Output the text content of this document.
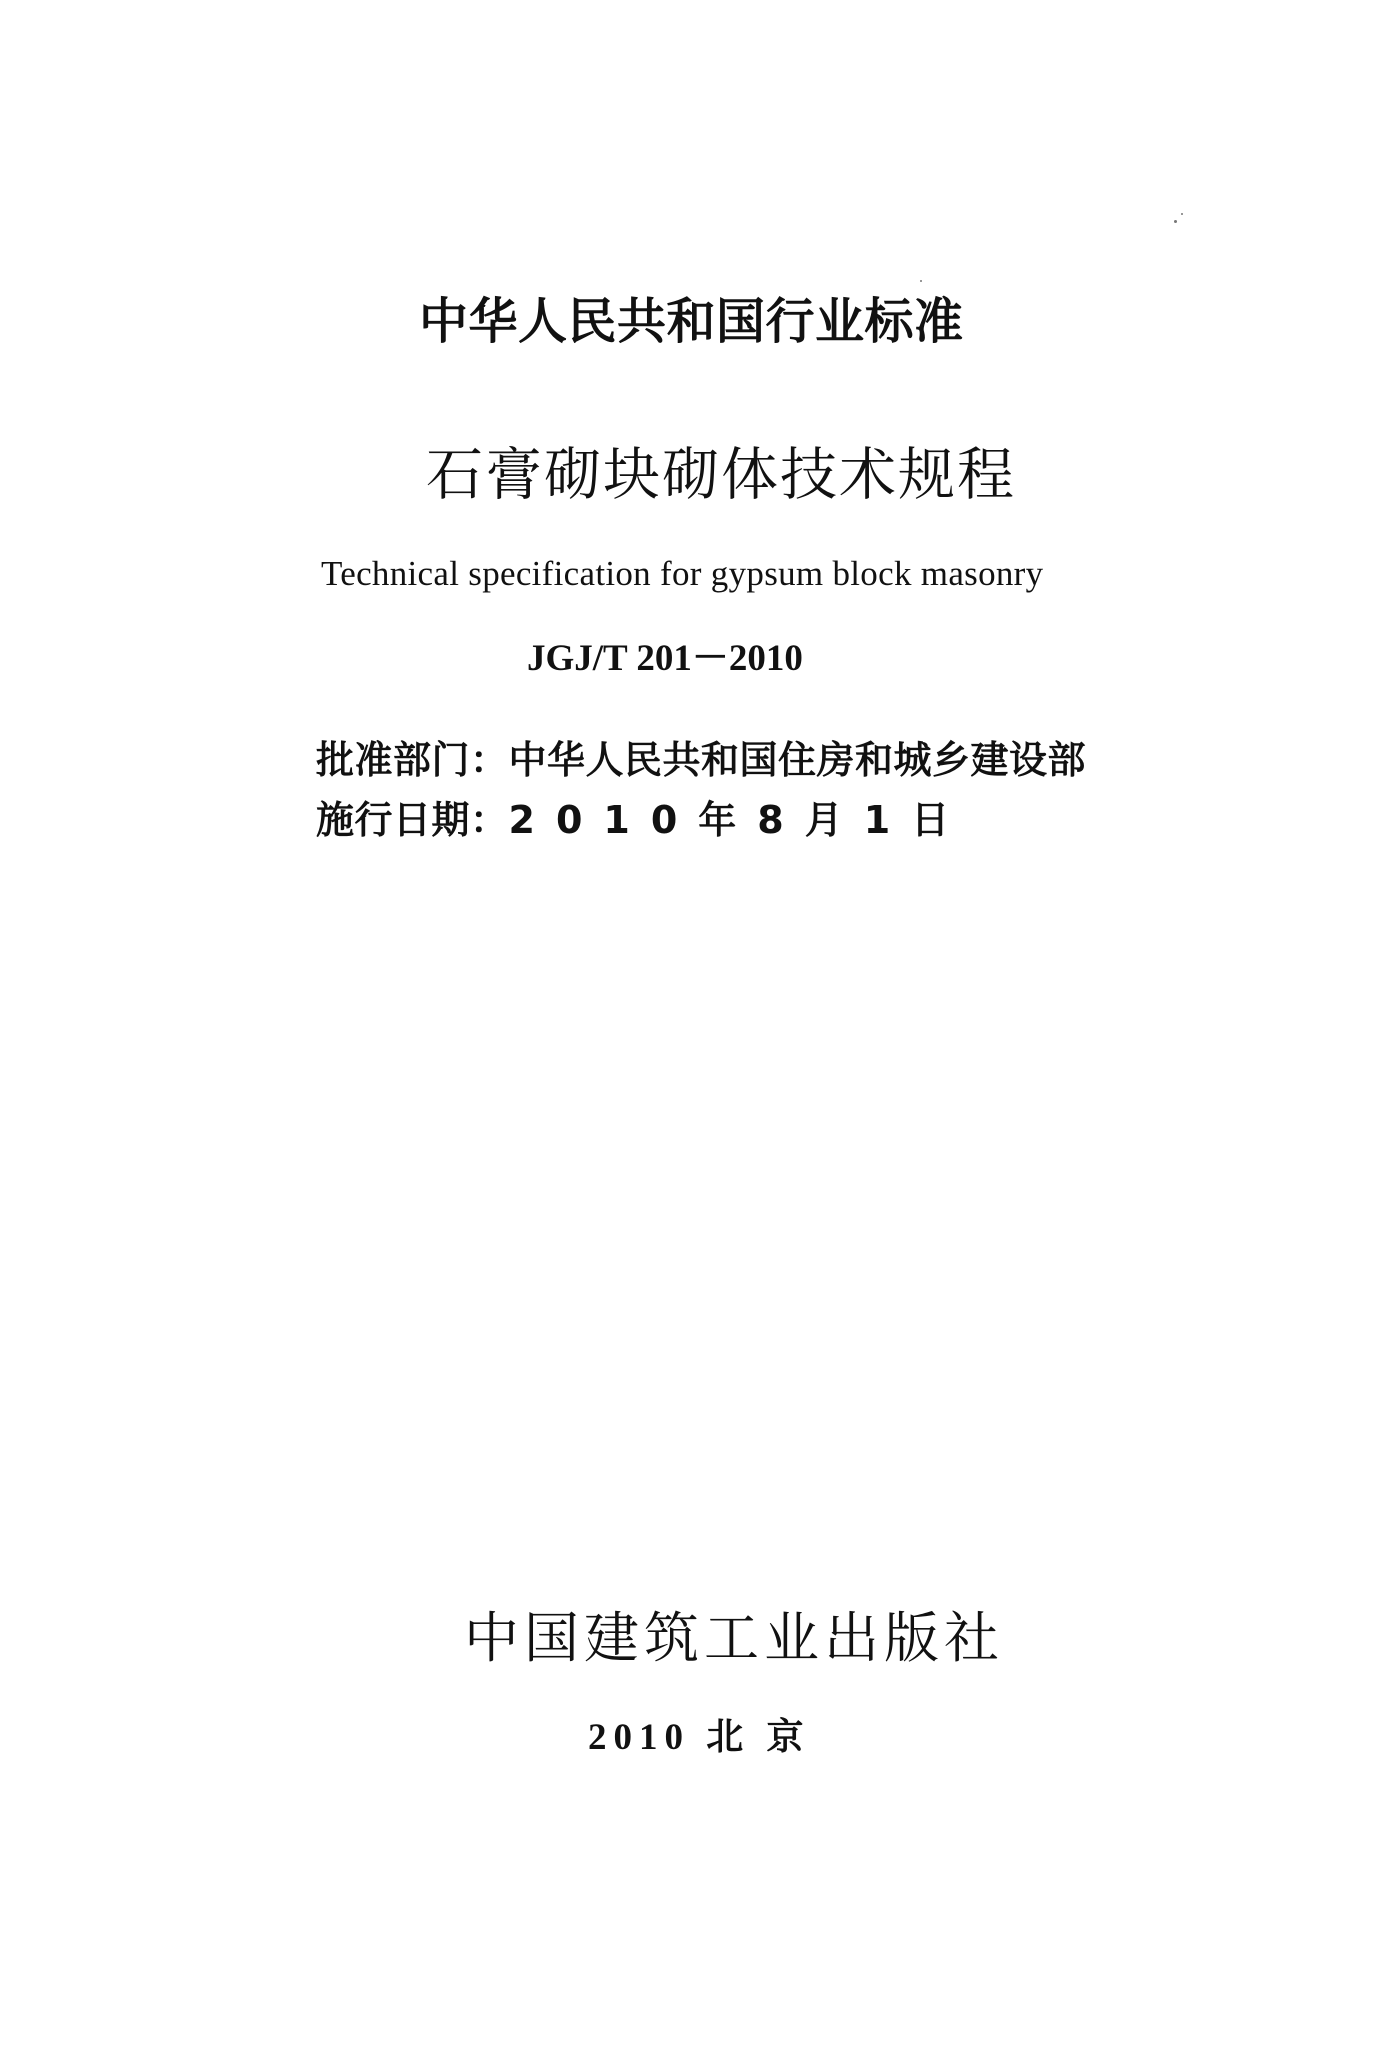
中华人民共和国行业标准
石膏砌块砌体技术规程
Technical specification for gypsum block masonry
JGJ/T 201－2010
批准部门：中华人民共和国住房和城乡建设部
施行日期：2010年8月1日
中国建筑工业出版社
2010 北 京
